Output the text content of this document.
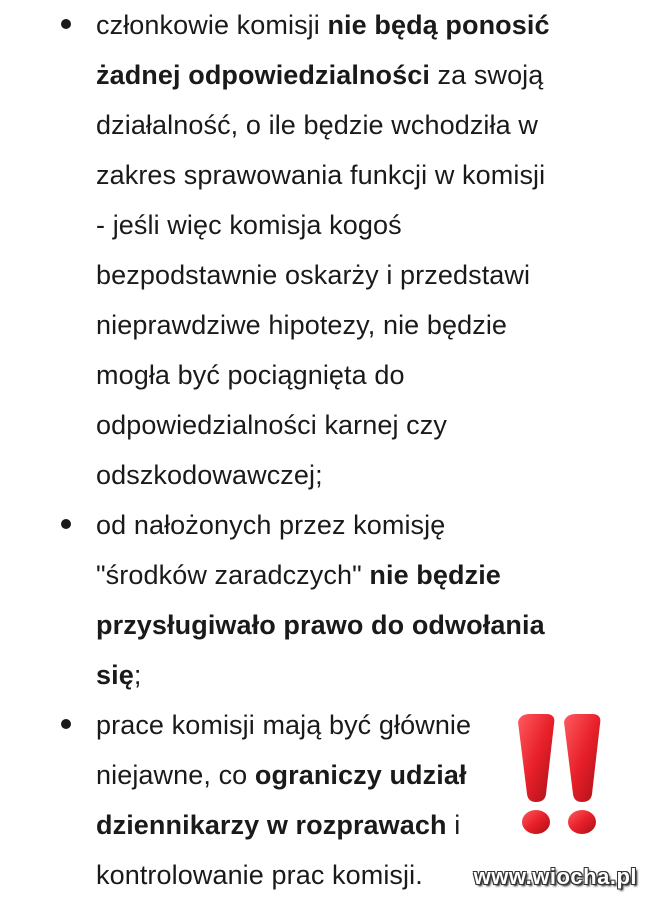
członkowie komisji nie będą ponosić
żadnej odpowiedzialności za swoją
działalność, o ile będzie wchodziła w
zakres sprawowania funkcji w komisji
- jeśli więc komisja kogoś
bezpodstawnie oskarży i przedstawi
nieprawdziwe hipotezy, nie będzie
mogła być pociągnięta do
odpowiedzialności karnej czy
odszkodowawczej;
od nałożonych przez komisję
"środków zaradczych" nie będzie
przysługiwało prawo do odwołania
się;
prace komisji mają być głównie
niejawne, co ograniczy udział
dziennikarzy w rozprawach i
kontrolowanie prac komisji. www.wiocha.pl
